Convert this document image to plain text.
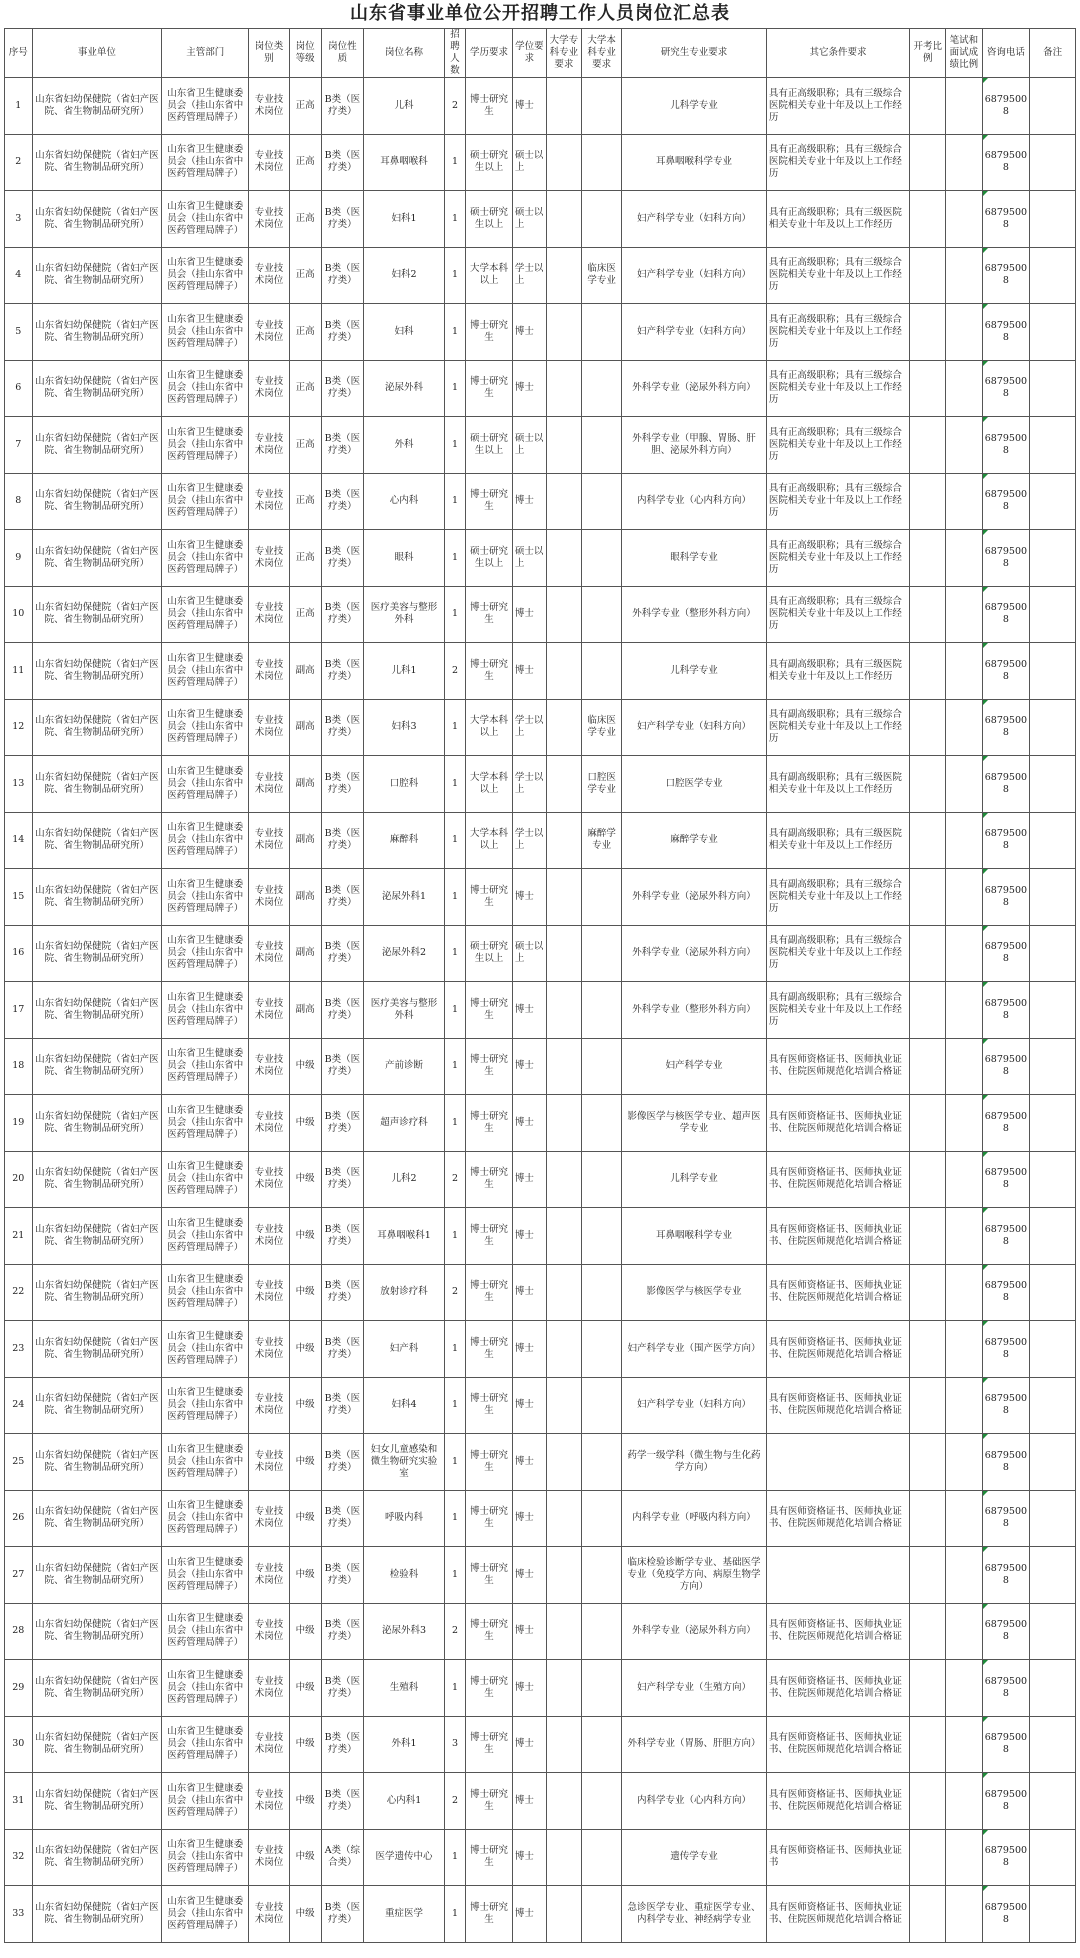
山东省事业单位公开招聘工作人员岗位汇总表
序号	事业单位	主管部门	岗位类别	岗位等级	岗位性质	岗位名称	招聘人数	学历要求	学位要求	大学专科专业要求	大学本科专业要求	研究生专业要求	其它条件要求	开考比例	笔试和面试成绩比例	咨询电话	备注
1	山东省妇幼保健院（省妇产医院、省生物制品研究所）	山东省卫生健康委员会（挂山东省中医药管理局牌子）	专业技术岗位	正高	B类（医疗类）	儿科	2	博士研究生	博士			儿科学专业	具有正高级职称；具有三级综合医院相关专业十年及以上工作经历			68795008	
2	山东省妇幼保健院（省妇产医院、省生物制品研究所）	山东省卫生健康委员会（挂山东省中医药管理局牌子）	专业技术岗位	正高	B类（医疗类）	耳鼻咽喉科	1	硕士研究生以上	硕士以上			耳鼻咽喉科学专业	具有正高级职称；具有三级综合医院相关专业十年及以上工作经历			68795008	
3	山东省妇幼保健院（省妇产医院、省生物制品研究所）	山东省卫生健康委员会（挂山东省中医药管理局牌子）	专业技术岗位	正高	B类（医疗类）	妇科1	1	硕士研究生以上	硕士以上			妇产科学专业（妇科方向）	具有正高级职称；具有三级医院相关专业十年及以上工作经历			68795008	
4	山东省妇幼保健院（省妇产医院、省生物制品研究所）	山东省卫生健康委员会（挂山东省中医药管理局牌子）	专业技术岗位	正高	B类（医疗类）	妇科2	1	大学本科以上	学士以上		临床医学专业	妇产科学专业（妇科方向）	具有正高级职称；具有三级综合医院相关专业十年及以上工作经历			68795008	
5	山东省妇幼保健院（省妇产医院、省生物制品研究所）	山东省卫生健康委员会（挂山东省中医药管理局牌子）	专业技术岗位	正高	B类（医疗类）	妇科	1	博士研究生	博士			妇产科学专业（妇科方向）	具有正高级职称；具有三级综合医院相关专业十年及以上工作经历			68795008	
6	山东省妇幼保健院（省妇产医院、省生物制品研究所）	山东省卫生健康委员会（挂山东省中医药管理局牌子）	专业技术岗位	正高	B类（医疗类）	泌尿外科	1	博士研究生	博士			外科学专业（泌尿外科方向）	具有正高级职称；具有三级综合医院相关专业十年及以上工作经历			68795008	
7	山东省妇幼保健院（省妇产医院、省生物制品研究所）	山东省卫生健康委员会（挂山东省中医药管理局牌子）	专业技术岗位	正高	B类（医疗类）	外科	1	硕士研究生以上	硕士以上			外科学专业（甲腺、胃肠、肝胆、泌尿外科方向）	具有正高级职称；具有三级综合医院相关专业十年及以上工作经历			68795008	
8	山东省妇幼保健院（省妇产医院、省生物制品研究所）	山东省卫生健康委员会（挂山东省中医药管理局牌子）	专业技术岗位	正高	B类（医疗类）	心内科	1	博士研究生	博士			内科学专业（心内科方向）	具有正高级职称；具有三级综合医院相关专业十年及以上工作经历			68795008	
9	山东省妇幼保健院（省妇产医院、省生物制品研究所）	山东省卫生健康委员会（挂山东省中医药管理局牌子）	专业技术岗位	正高	B类（医疗类）	眼科	1	硕士研究生以上	硕士以上			眼科学专业	具有正高级职称；具有三级综合医院相关专业十年及以上工作经历			68795008	
10	山东省妇幼保健院（省妇产医院、省生物制品研究所）	山东省卫生健康委员会（挂山东省中医药管理局牌子）	专业技术岗位	正高	B类（医疗类）	医疗美容与整形外科	1	博士研究生	博士			外科学专业（整形外科方向）	具有正高级职称；具有三级综合医院相关专业十年及以上工作经历			68795008	
11	山东省妇幼保健院（省妇产医院、省生物制品研究所）	山东省卫生健康委员会（挂山东省中医药管理局牌子）	专业技术岗位	副高	B类（医疗类）	儿科1	2	博士研究生	博士			儿科学专业	具有副高级职称；具有三级医院相关专业十年及以上工作经历			68795008	
12	山东省妇幼保健院（省妇产医院、省生物制品研究所）	山东省卫生健康委员会（挂山东省中医药管理局牌子）	专业技术岗位	副高	B类（医疗类）	妇科3	1	大学本科以上	学士以上		临床医学专业	妇产科学专业（妇科方向）	具有副高级职称；具有三级综合医院相关专业十年及以上工作经历			68795008	
13	山东省妇幼保健院（省妇产医院、省生物制品研究所）	山东省卫生健康委员会（挂山东省中医药管理局牌子）	专业技术岗位	副高	B类（医疗类）	口腔科	1	大学本科以上	学士以上		口腔医学专业	口腔医学专业	具有副高级职称；具有三级医院相关专业十年及以上工作经历			68795008	
14	山东省妇幼保健院（省妇产医院、省生物制品研究所）	山东省卫生健康委员会（挂山东省中医药管理局牌子）	专业技术岗位	副高	B类（医疗类）	麻醉科	1	大学本科以上	学士以上		麻醉学专业	麻醉学专业	具有副高级职称；具有三级医院相关专业十年及以上工作经历			68795008	
15	山东省妇幼保健院（省妇产医院、省生物制品研究所）	山东省卫生健康委员会（挂山东省中医药管理局牌子）	专业技术岗位	副高	B类（医疗类）	泌尿外科1	1	博士研究生	博士			外科学专业（泌尿外科方向）	具有副高级职称；具有三级综合医院相关专业十年及以上工作经历			68795008	
16	山东省妇幼保健院（省妇产医院、省生物制品研究所）	山东省卫生健康委员会（挂山东省中医药管理局牌子）	专业技术岗位	副高	B类（医疗类）	泌尿外科2	1	硕士研究生以上	硕士以上			外科学专业（泌尿外科方向）	具有副高级职称；具有三级综合医院相关专业十年及以上工作经历			68795008	
17	山东省妇幼保健院（省妇产医院、省生物制品研究所）	山东省卫生健康委员会（挂山东省中医药管理局牌子）	专业技术岗位	副高	B类（医疗类）	医疗美容与整形外科	1	博士研究生	博士			外科学专业（整形外科方向）	具有副高级职称；具有三级综合医院相关专业十年及以上工作经历			68795008	
18	山东省妇幼保健院（省妇产医院、省生物制品研究所）	山东省卫生健康委员会（挂山东省中医药管理局牌子）	专业技术岗位	中级	B类（医疗类）	产前诊断	1	博士研究生	博士			妇产科学专业	具有医师资格证书、医师执业证书、住院医师规范化培训合格证			68795008	
19	山东省妇幼保健院（省妇产医院、省生物制品研究所）	山东省卫生健康委员会（挂山东省中医药管理局牌子）	专业技术岗位	中级	B类（医疗类）	超声诊疗科	1	博士研究生	博士			影像医学与核医学专业、超声医学专业	具有医师资格证书、医师执业证书、住院医师规范化培训合格证			68795008	
20	山东省妇幼保健院（省妇产医院、省生物制品研究所）	山东省卫生健康委员会（挂山东省中医药管理局牌子）	专业技术岗位	中级	B类（医疗类）	儿科2	2	博士研究生	博士			儿科学专业	具有医师资格证书、医师执业证书、住院医师规范化培训合格证			68795008	
21	山东省妇幼保健院（省妇产医院、省生物制品研究所）	山东省卫生健康委员会（挂山东省中医药管理局牌子）	专业技术岗位	中级	B类（医疗类）	耳鼻咽喉科1	1	博士研究生	博士			耳鼻咽喉科学专业	具有医师资格证书、医师执业证书、住院医师规范化培训合格证			68795008	
22	山东省妇幼保健院（省妇产医院、省生物制品研究所）	山东省卫生健康委员会（挂山东省中医药管理局牌子）	专业技术岗位	中级	B类（医疗类）	放射诊疗科	2	博士研究生	博士			影像医学与核医学专业	具有医师资格证书、医师执业证书、住院医师规范化培训合格证			68795008	
23	山东省妇幼保健院（省妇产医院、省生物制品研究所）	山东省卫生健康委员会（挂山东省中医药管理局牌子）	专业技术岗位	中级	B类（医疗类）	妇产科	1	博士研究生	博士			妇产科学专业（围产医学方向）	具有医师资格证书、医师执业证书、住院医师规范化培训合格证			68795008	
24	山东省妇幼保健院（省妇产医院、省生物制品研究所）	山东省卫生健康委员会（挂山东省中医药管理局牌子）	专业技术岗位	中级	B类（医疗类）	妇科4	1	博士研究生	博士			妇产科学专业（妇科方向）	具有医师资格证书、医师执业证书、住院医师规范化培训合格证			68795008	
25	山东省妇幼保健院（省妇产医院、省生物制品研究所）	山东省卫生健康委员会（挂山东省中医药管理局牌子）	专业技术岗位	中级	B类（医疗类）	妇女儿童感染和微生物研究实验室	1	博士研究生	博士			药学一级学科（微生物与生化药学方向）				68795008	
26	山东省妇幼保健院（省妇产医院、省生物制品研究所）	山东省卫生健康委员会（挂山东省中医药管理局牌子）	专业技术岗位	中级	B类（医疗类）	呼吸内科	1	博士研究生	博士			内科学专业（呼吸内科方向）	具有医师资格证书、医师执业证书、住院医师规范化培训合格证			68795008	
27	山东省妇幼保健院（省妇产医院、省生物制品研究所）	山东省卫生健康委员会（挂山东省中医药管理局牌子）	专业技术岗位	中级	B类（医疗类）	检验科	1	博士研究生	博士			临床检验诊断学专业、基础医学专业（免疫学方向、病原生物学方向）				68795008	
28	山东省妇幼保健院（省妇产医院、省生物制品研究所）	山东省卫生健康委员会（挂山东省中医药管理局牌子）	专业技术岗位	中级	B类（医疗类）	泌尿外科3	2	博士研究生	博士			外科学专业（泌尿外科方向）	具有医师资格证书、医师执业证书、住院医师规范化培训合格证			68795008	
29	山东省妇幼保健院（省妇产医院、省生物制品研究所）	山东省卫生健康委员会（挂山东省中医药管理局牌子）	专业技术岗位	中级	B类（医疗类）	生殖科	1	博士研究生	博士			妇产科学专业（生殖方向）	具有医师资格证书、医师执业证书、住院医师规范化培训合格证			68795008	
30	山东省妇幼保健院（省妇产医院、省生物制品研究所）	山东省卫生健康委员会（挂山东省中医药管理局牌子）	专业技术岗位	中级	B类（医疗类）	外科1	3	博士研究生	博士			外科学专业（胃肠、肝胆方向）	具有医师资格证书、医师执业证书、住院医师规范化培训合格证			68795008	
31	山东省妇幼保健院（省妇产医院、省生物制品研究所）	山东省卫生健康委员会（挂山东省中医药管理局牌子）	专业技术岗位	中级	B类（医疗类）	心内科1	2	博士研究生	博士			内科学专业（心内科方向）	具有医师资格证书、医师执业证书、住院医师规范化培训合格证			68795008	
32	山东省妇幼保健院（省妇产医院、省生物制品研究所）	山东省卫生健康委员会（挂山东省中医药管理局牌子）	专业技术岗位	中级	A类（综合类）	医学遗传中心	1	博士研究生	博士			遗传学专业	具有医师资格证书、医师执业证书			68795008	
33	山东省妇幼保健院（省妇产医院、省生物制品研究所）	山东省卫生健康委员会（挂山东省中医药管理局牌子）	专业技术岗位	中级	B类（医疗类）	重症医学	1	博士研究生	博士			急诊医学专业、重症医学专业、内科学专业、神经病学专业	具有医师资格证书、医师执业证书、住院医师规范化培训合格证			68795008	
